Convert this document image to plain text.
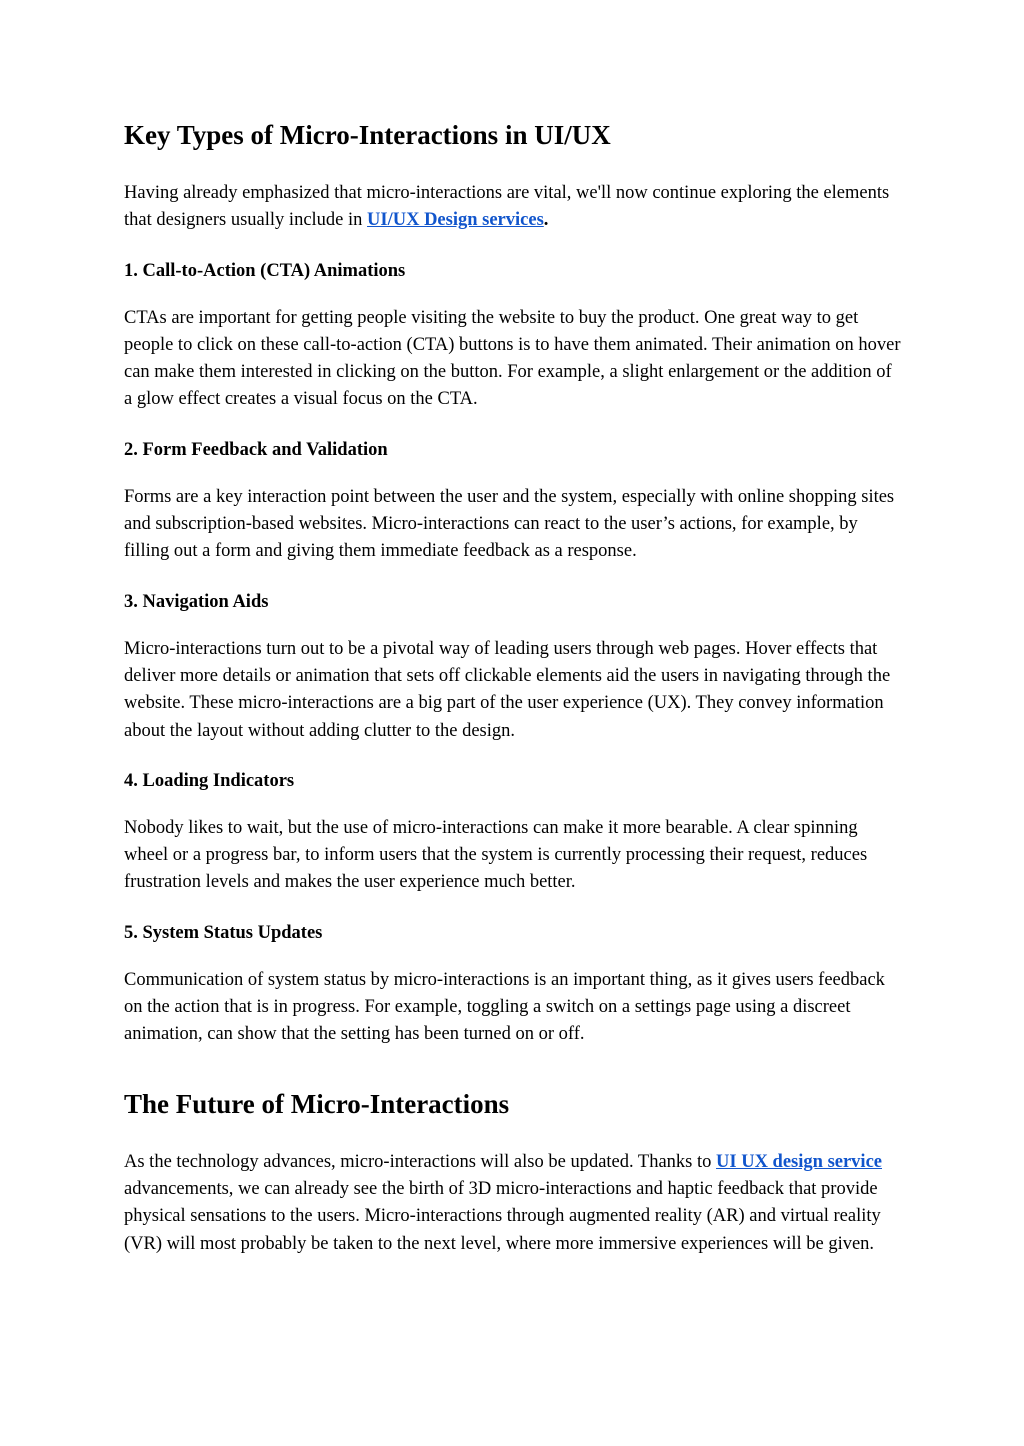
Key Types of Micro-Interactions in UI/UX

Having already emphasized that micro-interactions are vital, we'll now continue exploring the elements that designers usually include in UI/UX Design services.

1. Call-to-Action (CTA) Animations

CTAs are important for getting people visiting the website to buy the product. One great way to get people to click on these call-to-action (CTA) buttons is to have them animated. Their animation on hover can make them interested in clicking on the button. For example, a slight enlargement or the addition of a glow effect creates a visual focus on the CTA.

2. Form Feedback and Validation

Forms are a key interaction point between the user and the system, especially with online shopping sites and subscription-based websites. Micro-interactions can react to the user’s actions, for example, by filling out a form and giving them immediate feedback as a response.

3. Navigation Aids

Micro-interactions turn out to be a pivotal way of leading users through web pages. Hover effects that deliver more details or animation that sets off clickable elements aid the users in navigating through the website. These micro-interactions are a big part of the user experience (UX). They convey information about the layout without adding clutter to the design.

4. Loading Indicators

Nobody likes to wait, but the use of micro-interactions can make it more bearable. A clear spinning wheel or a progress bar, to inform users that the system is currently processing their request, reduces frustration levels and makes the user experience much better.

5. System Status Updates

Communication of system status by micro-interactions is an important thing, as it gives users feedback on the action that is in progress. For example, toggling a switch on a settings page using a discreet animation, can show that the setting has been turned on or off.

The Future of Micro-Interactions

As the technology advances, micro-interactions will also be updated. Thanks to UI UX design service advancements, we can already see the birth of 3D micro-interactions and haptic feedback that provide physical sensations to the users. Micro-interactions through augmented reality (AR) and virtual reality (VR) will most probably be taken to the next level, where more immersive experiences will be given.
